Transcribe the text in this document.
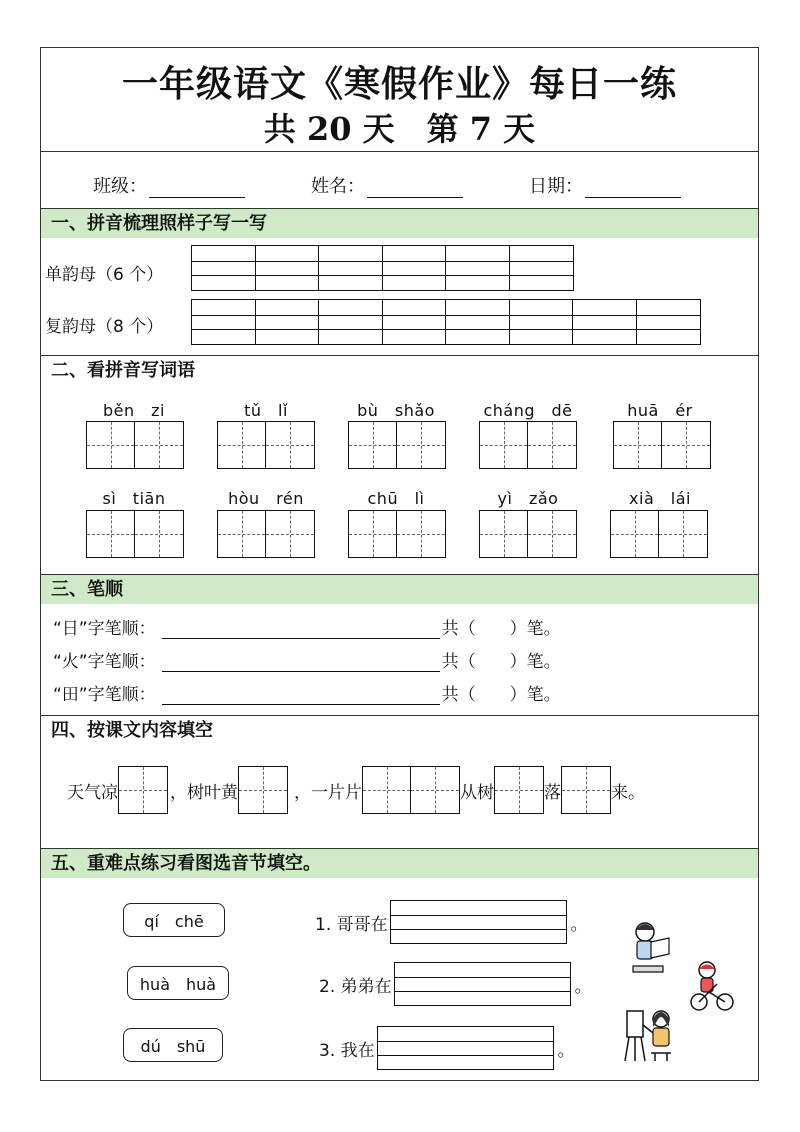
一年级语文《寒假作业》每日一练
共 20 天　第 7 天
班级：	姓名：	日期：
一、拼音梳理照样子写一写
单韵母（6 个）
复韵母（8 个）
二、看拼音写词语
běn　zi	tǔ　lǐ	bù　shǎo	cháng　dē	huā　ér
sì　tiān	hòu　rén	chū　lì	yì　zǎo	xià　lái
三、笔顺
“日”字笔顺：	共（　　）笔。
“火”字笔顺：	共（　　）笔。
“田”字笔顺：	共（　　）笔。
四、按课文内容填空
天气凉	，树叶黄	，一片片	从树	落	来。
五、重难点练习看图选音节填空。
qí　chē
huà　huà
dú　shū
1. 哥哥在	。
2. 弟弟在	。
3. 我在	。
